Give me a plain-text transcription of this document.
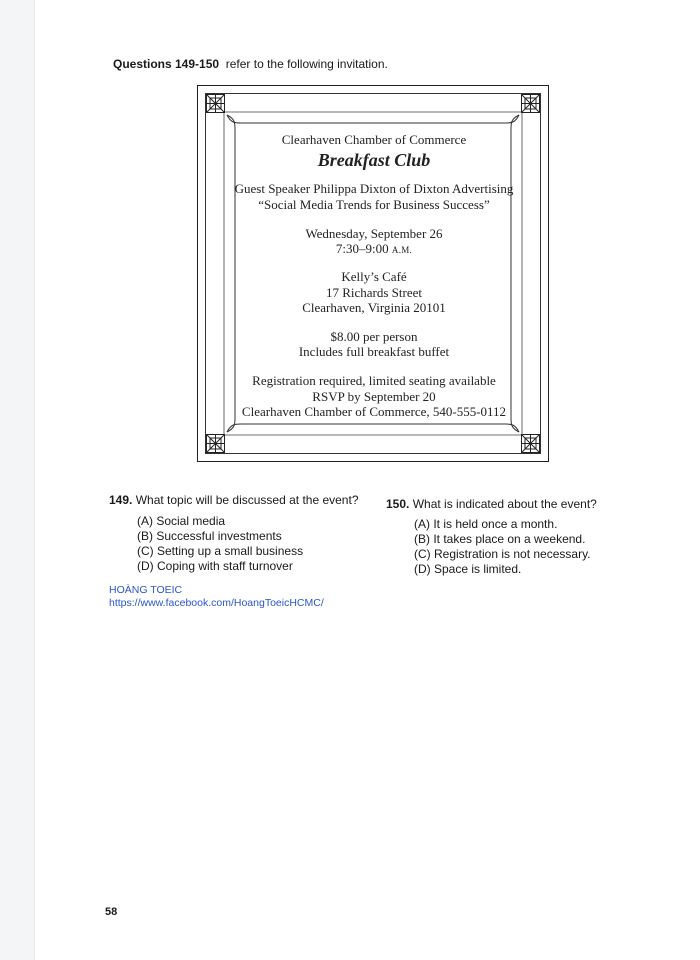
Questions 149-150 refer to the following invitation.
Clearhaven Chamber of Commerce
Breakfast Club
Guest Speaker Philippa Dixton of Dixton Advertising
“Social Media Trends for Business Success”
Wednesday, September 26
7:30–9:00 A.M.
Kelly’s Café
17 Richards Street
Clearhaven, Virginia 20101
$8.00 per person
Includes full breakfast buffet
Registration required, limited seating available
RSVP by September 20
Clearhaven Chamber of Commerce, 540-555-0112
149. What topic will be discussed at the event?
(A) Social media
(B) Successful investments
(C) Setting up a small business
(D) Coping with staff turnover
150. What is indicated about the event?
(A) It is held once a month.
(B) It takes place on a weekend.
(C) Registration is not necessary.
(D) Space is limited.
HOÀNG TOEIC
https://www.facebook.com/HoangToeicHCMC/
58
